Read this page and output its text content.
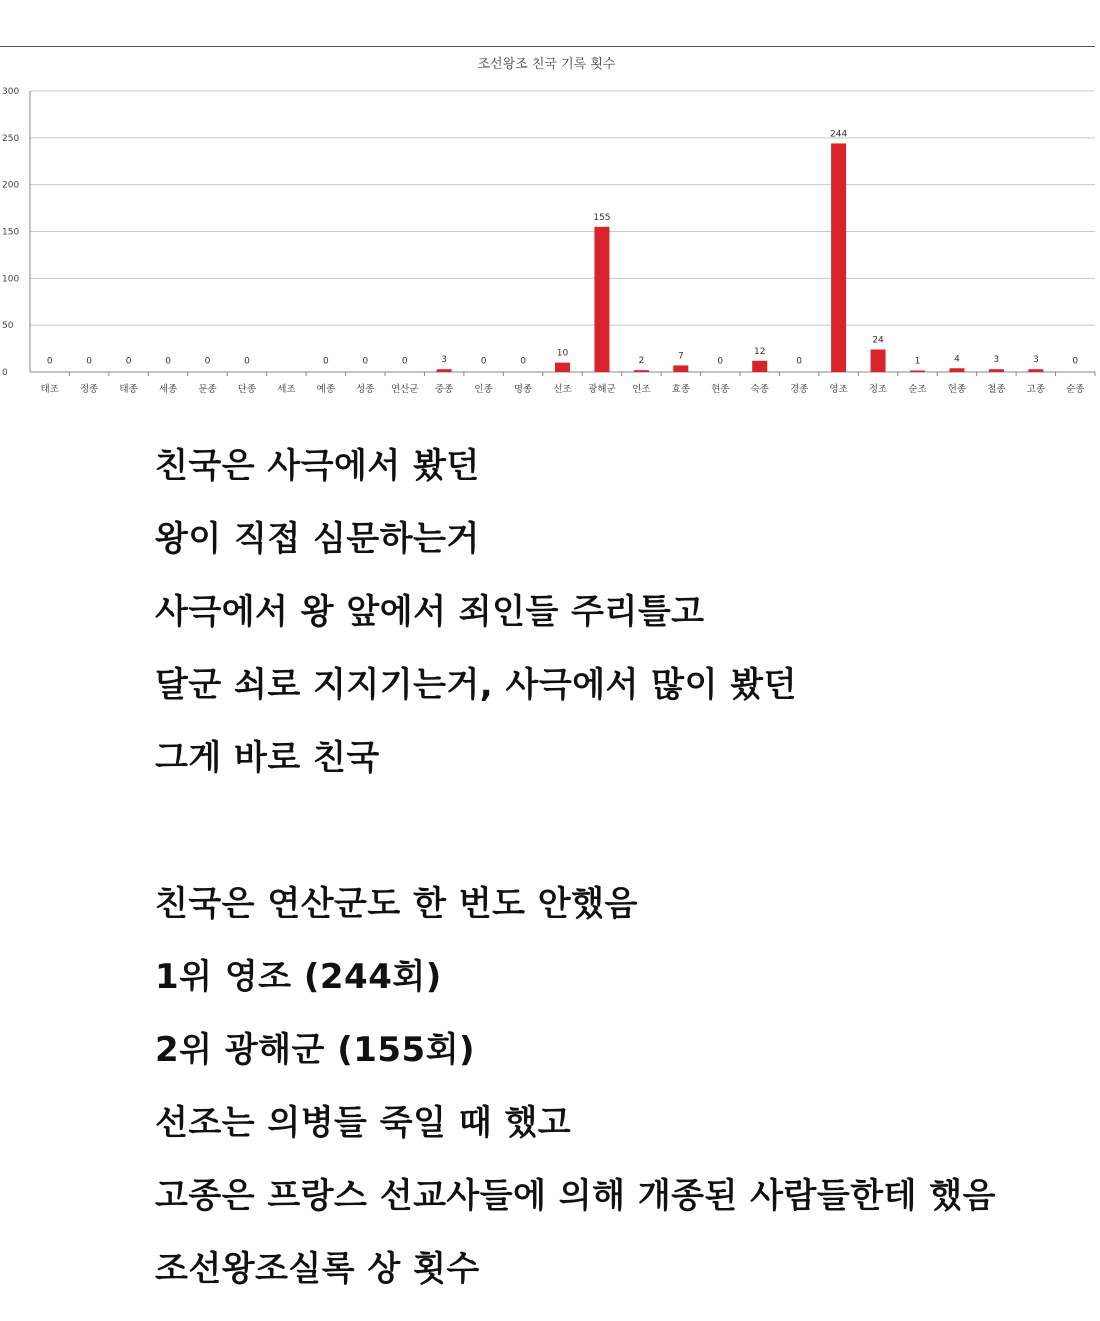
0
50
100
150
200
250
300
0
태조
0
정종
0
태종
0
세종
0
문종
0
단종 세조
0
예종
0
성종
0
연산군
3
중종
0
인종
0
명종
10
선조
155
광해군
2
인조
7
효종
0
현종
12
숙종
0
경종
244
영조
24
정조
1
순조
4
헌종
3
철종
3
고종
0
순종
조선왕조 친국 기록 횟수

친국은 사극에서 봤던

왕이 직접 심문하는거

사극에서 왕 앞에서 죄인들 주리틀고

달군 쇠로 지지기는거, 사극에서 많이 봤던

그게 바로 친국

친국은 연산군도 한 번도 안했음

1위 영조 (244회)

2위 광해군 (155회)

선조는 의병들 죽일 때 했고

고종은 프랑스 선교사들에 의해 개종된 사람들한테 했음

조선왕조실록 상 횟수
